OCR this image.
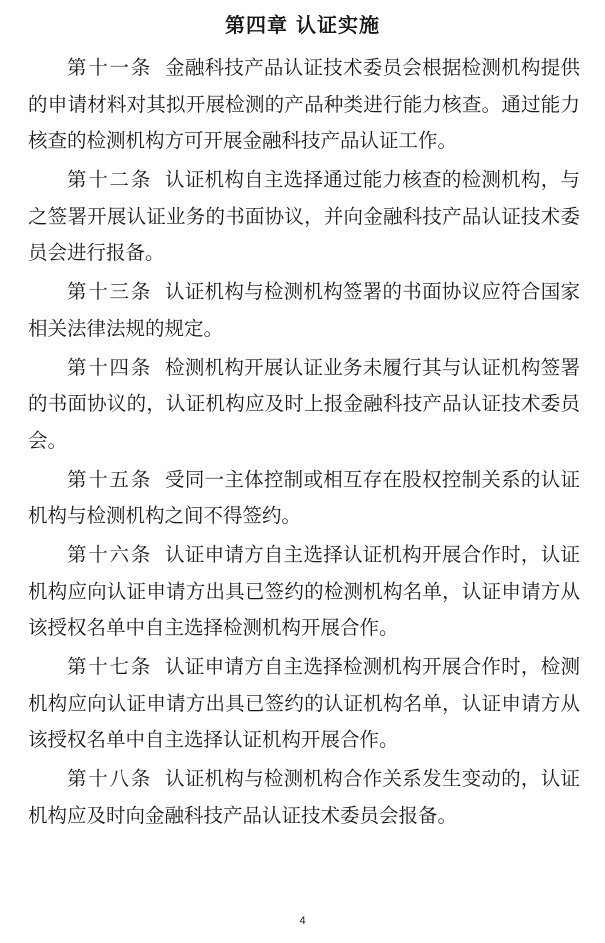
第四章 认证实施

第十一条 金融科技产品认证技术委员会根据检测机构提供的申请材料对其拟开展检测的产品种类进行能力核查。通过能力核查的检测机构方可开展金融科技产品认证工作。

第十二条 认证机构自主选择通过能力核查的检测机构，与之签署开展认证业务的书面协议，并向金融科技产品认证技术委员会进行报备。

第十三条 认证机构与检测机构签署的书面协议应符合国家相关法律法规的规定。

第十四条 检测机构开展认证业务未履行其与认证机构签署的书面协议的，认证机构应及时上报金融科技产品认证技术委员会。

第十五条 受同一主体控制或相互存在股权控制关系的认证机构与检测机构之间不得签约。

第十六条 认证申请方自主选择认证机构开展合作时，认证机构应向认证申请方出具已签约的检测机构名单，认证申请方从该授权名单中自主选择检测机构开展合作。

第十七条 认证申请方自主选择检测机构开展合作时，检测机构应向认证申请方出具已签约的认证机构名单，认证申请方从该授权名单中自主选择认证机构开展合作。

第十八条 认证机构与检测机构合作关系发生变动的，认证机构应及时向金融科技产品认证技术委员会报备。

4
